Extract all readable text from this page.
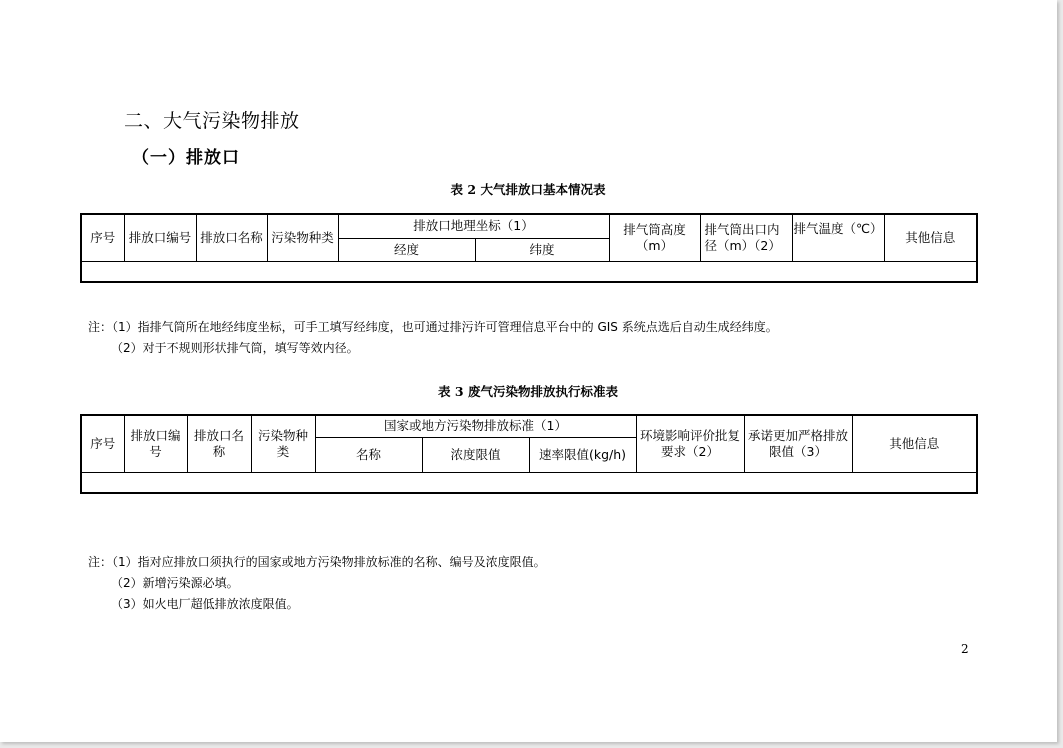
二、大气污染物排放
（一）排放口
表 2 大气排放口基本情况表
序号	排放口编号	排放口名称	污染物种类	排放口地理坐标（1）		排气筒高度（m）	排气筒出口内径（m）（2）	排气温度（℃）	其他信息
				经度	纬度				

注：（1）指排气筒所在地经纬度坐标，可手工填写经纬度，也可通过排污许可管理信息平台中的 GIS 系统点选后自动生成经纬度。
（2）对于不规则形状排气筒，填写等效内径。
表 3 废气污染物排放执行标准表
序号	排放口编号	排放口名称	污染物种类	国家或地方污染物排放标准（1）			环境影响评价批复要求（2）	承诺更加严格排放限值（3）	其他信息
				名称	浓度限值	速率限值(kg/h)			

注：（1）指对应排放口须执行的国家或地方污染物排放标准的名称、编号及浓度限值。
（2）新增污染源必填。
（3）如火电厂超低排放浓度限值。
2
